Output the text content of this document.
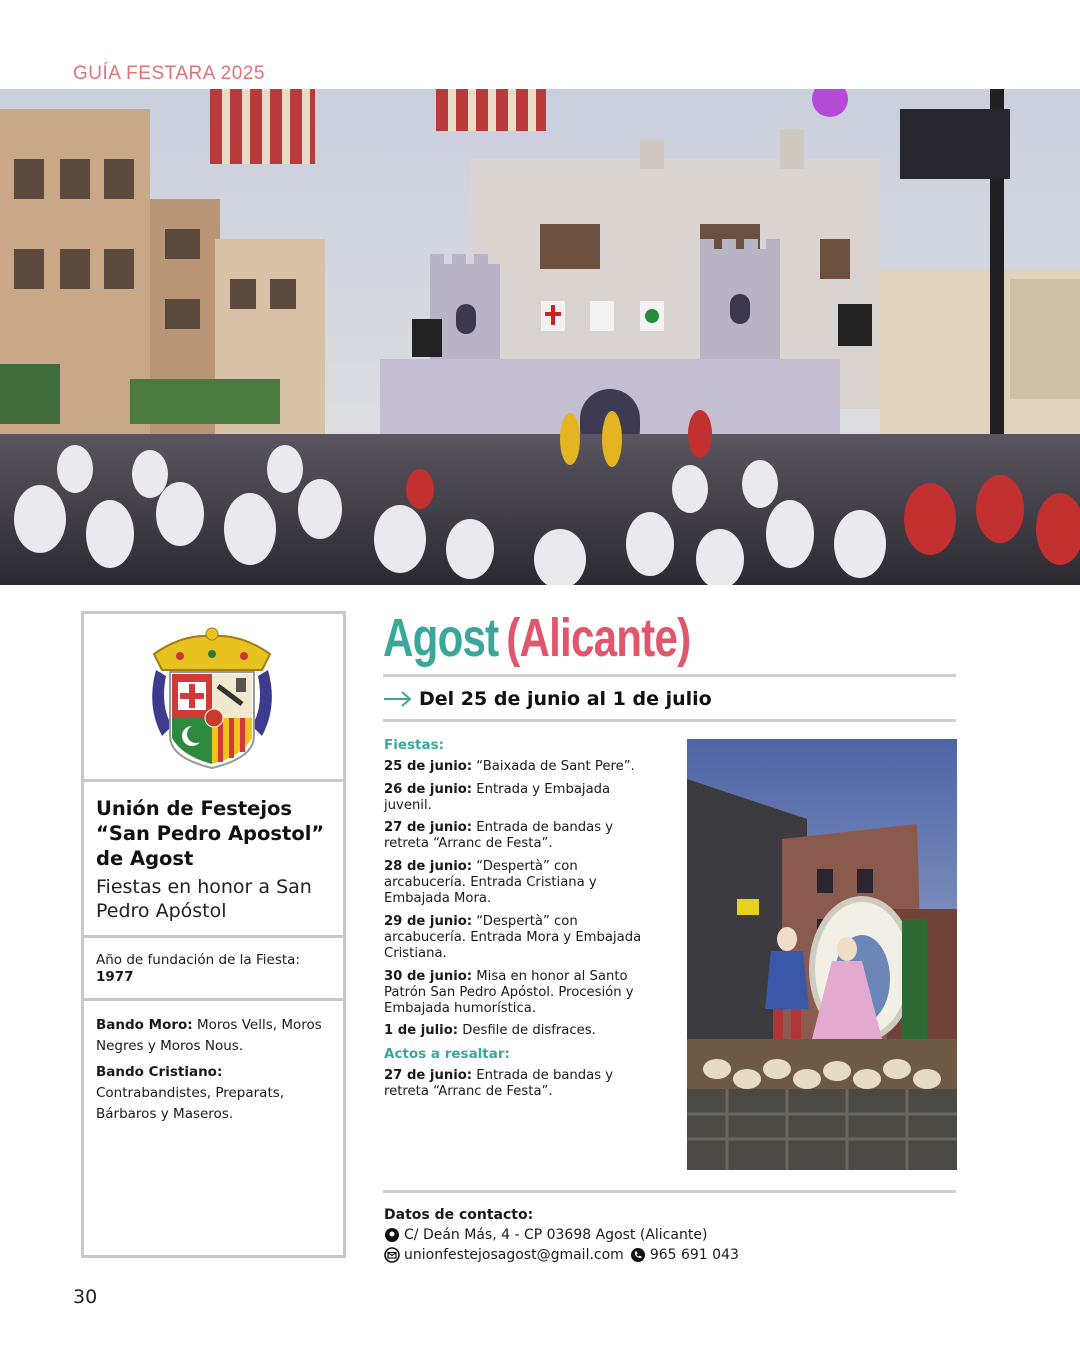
GUÍA FESTARA 2025
Unión de Festejos “San Pedro Apostol” de Agost
Fiestas en honor a San Pedro Apóstol
Año de fundación de la Fiesta: 1977

Bando Moro: Moros Vells, Moros Negres y Moros Nous.

Bando Cristiano:
Contrabandistes, Preparats, Bárbaros y Maseros.

Agost (Alicante)
Del 25 de junio al 1 de julio
Fiestas:
25 de junio: “Baixada de Sant Pere”.
26 de junio: Entrada y Embajada juvenil.
27 de junio: Entrada de bandas y retreta “Arranc de Festa”.
28 de junio: “Despertà” con arcabucería. Entrada Cristiana y Embajada Mora.
29 de junio: “Despertà” con arcabucería. Entrada Mora y Embajada Cristiana.
30 de junio: Misa en honor al Santo Patrón San Pedro Apóstol. Procesión y Embajada humorística.
1 de julio: Desfile de disfraces.
Actos a resaltar:
27 de junio: Entrada de bandas y retreta “Arranc de Festa”.
Datos de contacto:
C/ Deán Más, 4 - CP 03698 Agost (Alicante)
unionfestejosagost@gmail.com 965 691 043
30
